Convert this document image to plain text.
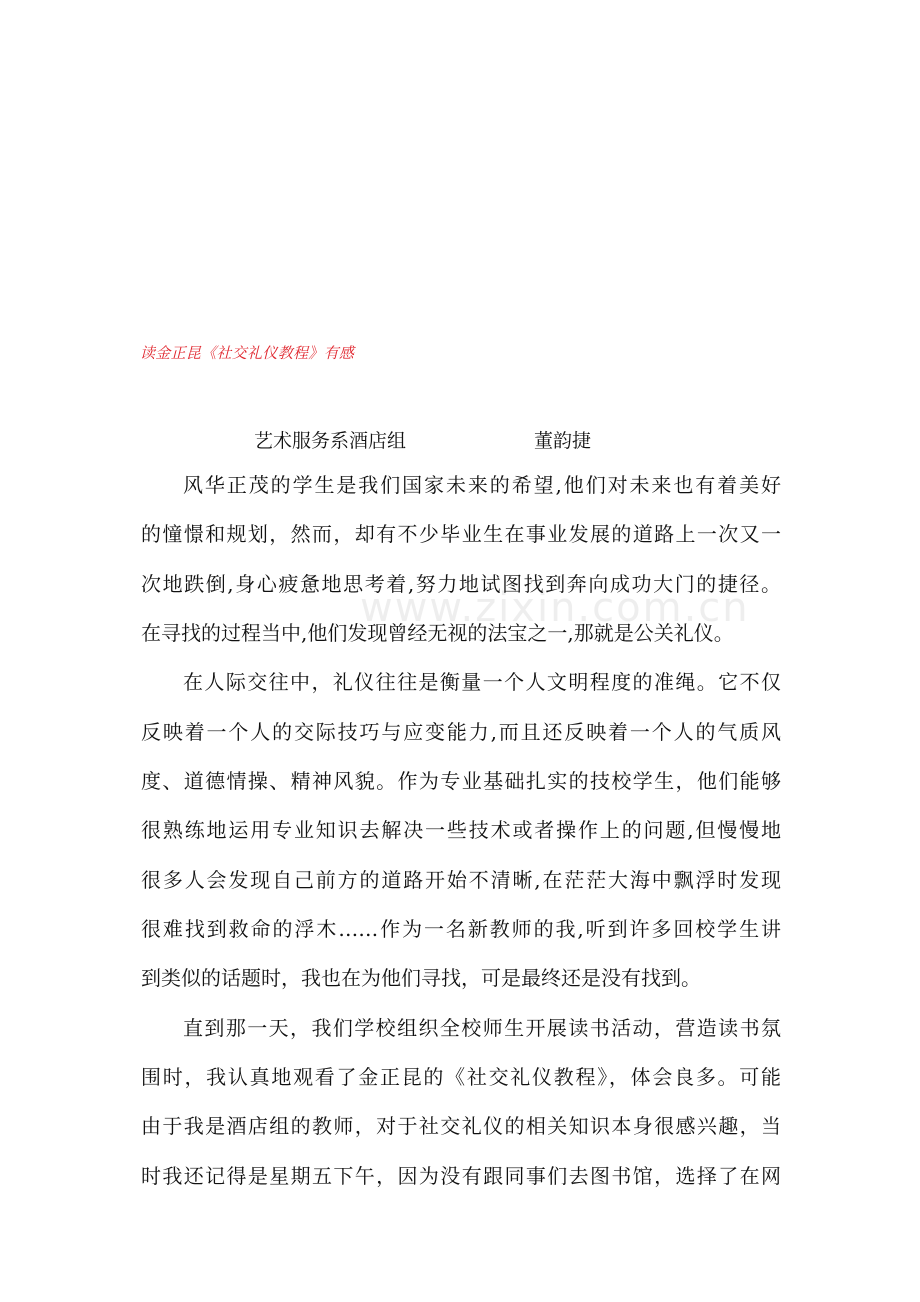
读金正昆《社交礼仪教程》有感
艺术服务系酒店组	董韵捷
www.zixin.com.cn
风华正茂的学生是我们国家未来的希望,他们对未来也有着美好
的憧憬和规划，然而，却有不少毕业生在事业发展的道路上一次又一
次地跌倒,身心疲惫地思考着,努力地试图找到奔向成功大门的捷径。
在寻找的过程当中,他们发现曾经无视的法宝之一,那就是公关礼仪。
在人际交往中，礼仪往往是衡量一个人文明程度的准绳。它不仅
反映着一个人的交际技巧与应变能力,而且还反映着一个人的气质风
度、道德情操、精神风貌。作为专业基础扎实的技校学生，他们能够
很熟练地运用专业知识去解决一些技术或者操作上的问题,但慢慢地
很多人会发现自己前方的道路开始不清晰,在茫茫大海中飘浮时发现
很难找到救命的浮木……作为一名新教师的我,听到许多回校学生讲
到类似的话题时，我也在为他们寻找，可是最终还是没有找到。
直到那一天，我们学校组织全校师生开展读书活动，营造读书氛
围时，我认真地观看了金正昆的《社交礼仪教程》，体会良多。可能
由于我是酒店组的教师，对于社交礼仪的相关知识本身很感兴趣，当
时我还记得是星期五下午，因为没有跟同事们去图书馆，选择了在网
